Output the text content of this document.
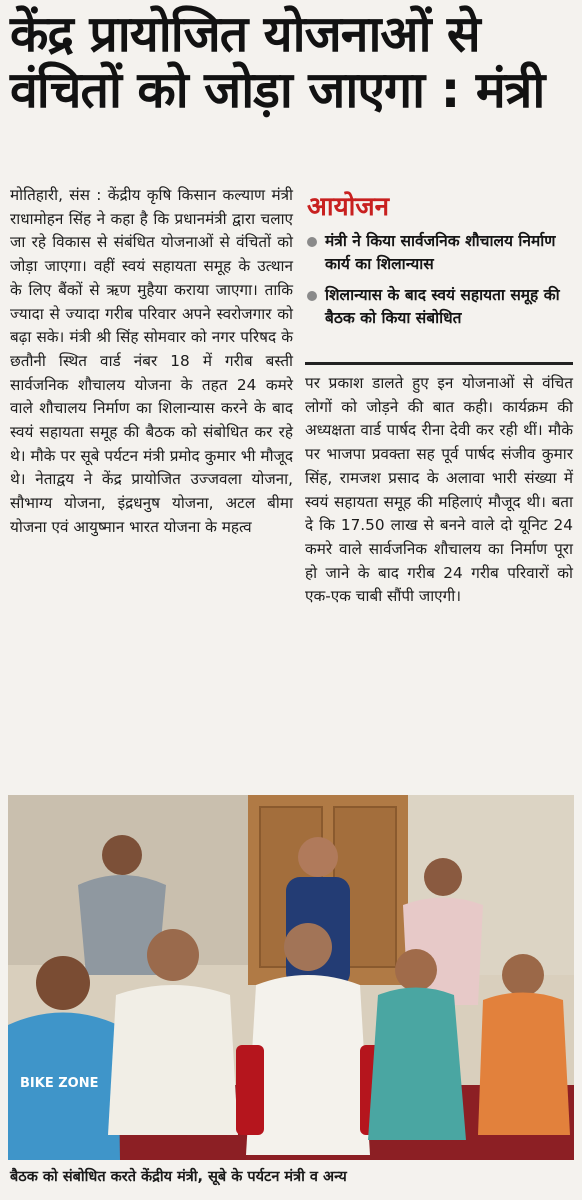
केंद्र प्रायोजित योजनाओं से
वंचितों को जोड़ा जाएगा : मंत्री
मोतिहारी, संस : केंद्रीय कृषि किसान कल्याण मंत्री राधामोहन सिंह ने कहा है कि प्रधानमंत्री द्वारा चलाए जा रहे विकास से संबंधित योजनाओं से वंचितों को जोड़ा जाएगा। वहीं स्वयं सहायता समूह के उत्थान के लिए बैंकों से ऋण मुहैया कराया जाएगा। ताकि ज्यादा से ज्यादा गरीब परिवार अपने स्वरोजगार को बढ़ा सके। मंत्री श्री सिंह सोमवार को नगर परिषद के छतौनी स्थित वार्ड नंबर 18 में गरीब बस्ती सार्वजनिक शौचालय योजना के तहत 24 कमरे वाले शौचालय निर्माण का शिलान्यास करने के बाद स्वयं सहायता समूह की बैठक को संबोधित कर रहे थे। मौके पर सूबे पर्यटन मंत्री प्रमोद कुमार भी मौजूद थे। नेताद्वय ने केंद्र प्रायोजित उज्जवला योजना, सौभाग्य योजना, इंद्रधनुष योजना, अटल बीमा योजना एवं आयुष्मान भारत योजना के महत्व
आयोजन
मंत्री ने किया सार्वजनिक शौचालय निर्माण कार्य का शिलान्यास
शिलान्यास के बाद स्वयं सहायता समूह की बैठक को किया संबोधित
पर प्रकाश डालते हुए इन योजनाओं से वंचित लोगों को जोड़ने की बात कही। कार्यक्रम की अध्यक्षता वार्ड पार्षद रीना देवी कर रही थीं। मौके पर भाजपा प्रवक्ता सह पूर्व पार्षद संजीव कुमार सिंह, रामजश प्रसाद के अलावा भारी संख्या में स्वयं सहायता समूह की महिलाएं मौजूद थी। बता दे कि 17.50 लाख से बनने वाले दो यूनिट 24 कमरे वाले सार्वजनिक शौचालय का निर्माण पूरा हो जाने के बाद गरीब 24 गरीब परिवारों को एक-एक चाबी सौंपी जाएगी।
BIKE ZONE
बैठक को संबोधित करते केंद्रीय मंत्री, सूबे के पर्यटन मंत्री व अन्य
